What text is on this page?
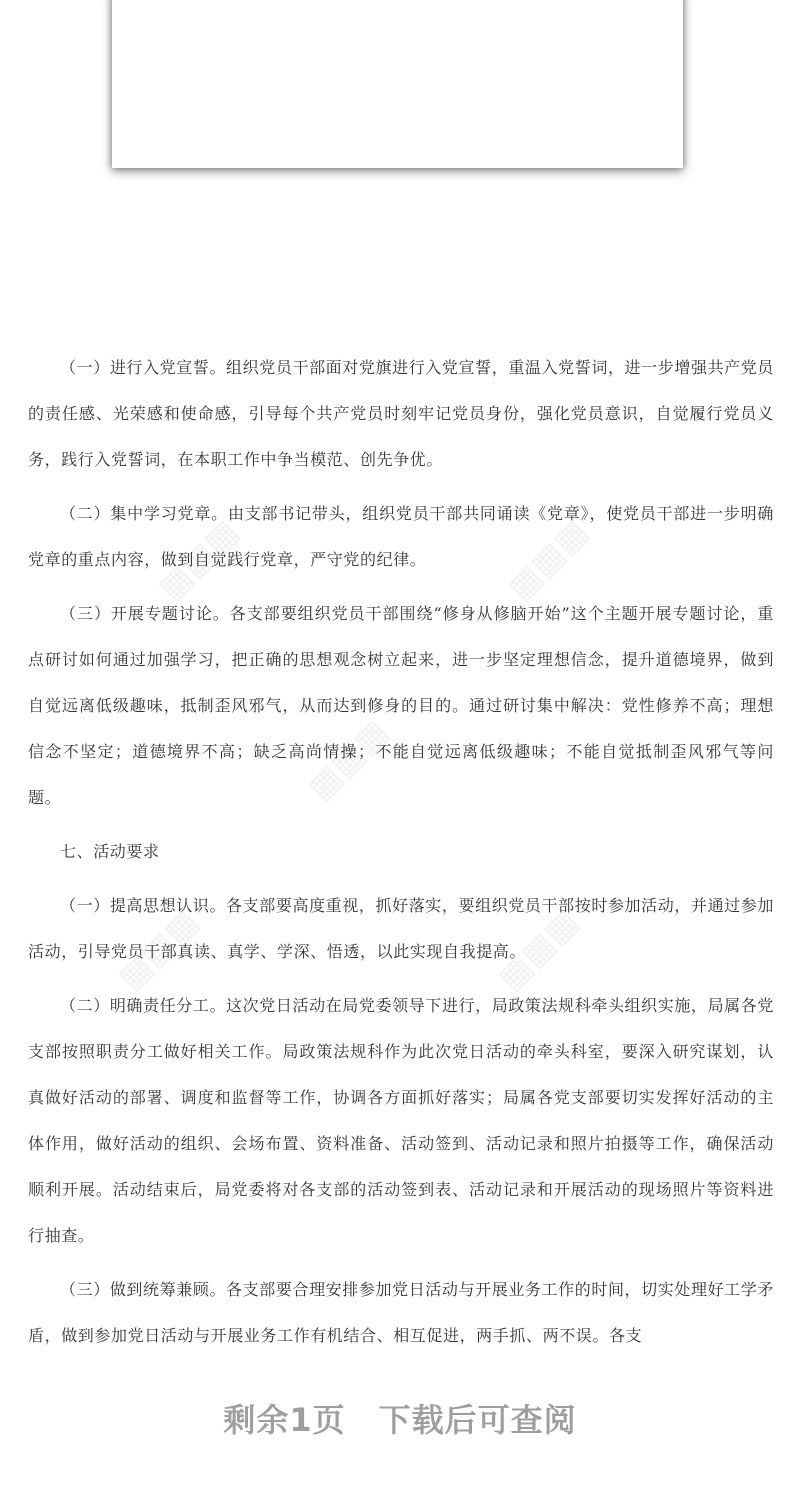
（一）进行入党宣誓。组织党员干部面对党旗进行入党宣誓，重温入党誓词，进一步增强共产党员的责任感、光荣感和使命感，引导每个共产党员时刻牢记党员身份，强化党员意识，自觉履行党员义务，践行入党誓词，在本职工作中争当模范、创先争优。

（二）集中学习党章。由支部书记带头，组织党员干部共同诵读《党章》，使党员干部进一步明确党章的重点内容，做到自觉践行党章，严守党的纪律。

（三）开展专题讨论。各支部要组织党员干部围绕“修身从修脑开始”这个主题开展专题讨论，重点研讨如何通过加强学习，把正确的思想观念树立起来，进一步坚定理想信念，提升道德境界，做到自觉远离低级趣味，抵制歪风邪气，从而达到修身的目的。通过研讨集中解决：党性修养不高；理想信念不坚定；道德境界不高；缺乏高尚情操；不能自觉远离低级趣味；不能自觉抵制歪风邪气等问题。

七、活动要求

（一）提高思想认识。各支部要高度重视，抓好落实，要组织党员干部按时参加活动，并通过参加活动，引导党员干部真读、真学、学深、悟透，以此实现自我提高。

（二）明确责任分工。这次党日活动在局党委领导下进行，局政策法规科牵头组织实施，局属各党支部按照职责分工做好相关工作。局政策法规科作为此次党日活动的牵头科室，要深入研究谋划，认真做好活动的部署、调度和监督等工作，协调各方面抓好落实；局属各党支部要切实发挥好活动的主体作用，做好活动的组织、会场布置、资料准备、活动签到、活动记录和照片拍摄等工作，确保活动顺利开展。活动结束后，局党委将对各支部的活动签到表、活动记录和开展活动的现场照片等资料进行抽查。

（三）做到统筹兼顾。各支部要合理安排参加党日活动与开展业务工作的时间，切实处理好工学矛盾，做到参加党日活动与开展业务工作有机结合、相互促进，两手抓、两不误。各支

▦▦▦	▦▦▦
▦▦▦
▦▦▦	▦▦▦
剩余1页　下载后可查阅
